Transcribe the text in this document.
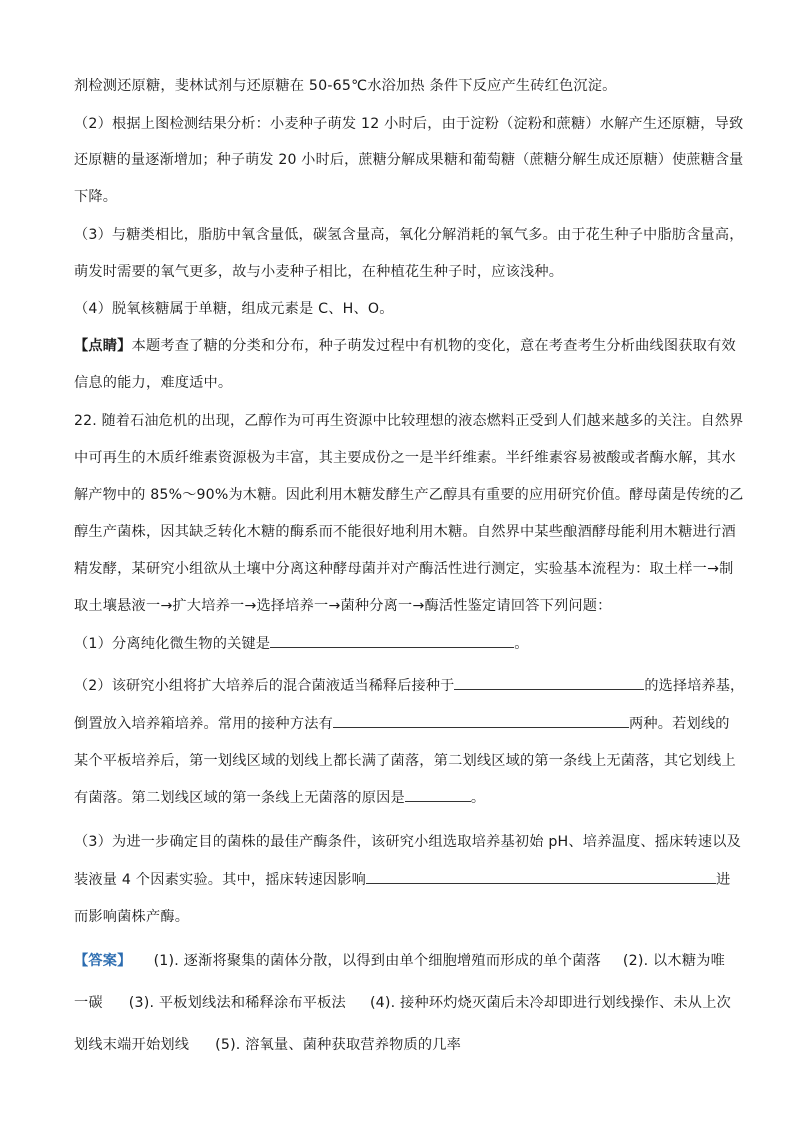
剂检测还原糖，斐林试剂与还原糖在 50-65℃水浴加热 条件下反应产生砖红色沉淀。
（2）根据上图检测结果分析：小麦种子萌发 12 小时后，由于淀粉（淀粉和蔗糖）水解产生还原糖，导致
还原糖的量逐渐增加；种子萌发 20 小时后，蔗糖分解成果糖和葡萄糖（蔗糖分解生成还原糖）使蔗糖含量
下降。
（3）与糖类相比，脂肪中氧含量低，碳氢含量高，氧化分解消耗的氧气多。由于花生种子中脂肪含量高，
萌发时需要的氧气更多，故与小麦种子相比，在种植花生种子时，应该浅种。
（4）脱氧核糖属于单糖，组成元素是 C、H、O。
【点睛】本题考查了糖的分类和分布，种子萌发过程中有机物的变化，意在考查考生分析曲线图获取有效
信息的能力，难度适中。
22. 随着石油危机的出现，乙醇作为可再生资源中比较理想的液态燃料正受到人们越来越多的关注。自然界
中可再生的木质纤维素资源极为丰富，其主要成份之一是半纤维素。半纤维素容易被酸或者酶水解，其水
解产物中的 85%～90%为木糖。因此利用木糖发酵生产乙醇具有重要的应用研究价值。酵母菌是传统的乙
醇生产菌株，因其缺乏转化木糖的酶系而不能很好地利用木糖。自然界中某些酿酒酵母能利用木糖进行酒
精发酵，某研究小组欲从土壤中分离这种酵母菌并对产酶活性进行测定，实验基本流程为：取土样一→制
取土壤悬液一→扩大培养一→选择培养一→菌种分离一→酶活性鉴定请回答下列问题：
（1）分离纯化微生物的关键是	。
（2）该研究小组将扩大培养后的混合菌液适当稀释后接种于	的选择培养基，
倒置放入培养箱培养。常用的接种方法有	两种。若划线的
某个平板培养后，第一划线区域的划线上都长满了菌落，第二划线区域的第一条线上无菌落，其它划线上
有菌落。第二划线区域的第一条线上无菌落的原因是	。
（3）为进一步确定目的菌株的最佳产酶条件，该研究小组选取培养基初始 pH、培养温度、摇床转速以及
装液量 4 个因素实验。其中，摇床转速因影响	进
而影响菌株产酶。
【答案】 (1). 逐渐将聚集的菌体分散，以得到由单个细胞增殖而形成的单个菌落 (2). 以木糖为唯
一碳 (3). 平板划线法和稀释涂布平板法 (4). 接种环灼烧灭菌后未冷却即进行划线操作、未从上次
划线末端开始划线 (5). 溶氧量、菌种获取营养物质的几率
